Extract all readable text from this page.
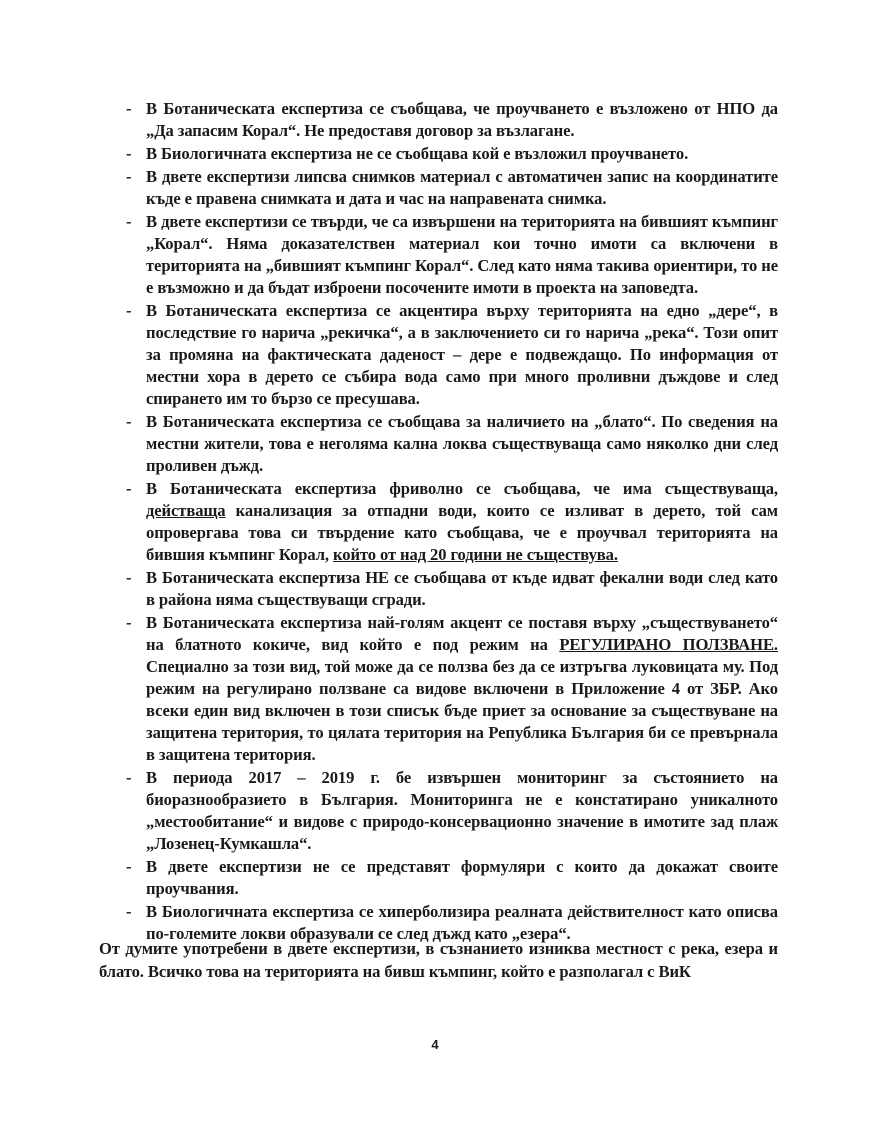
- В Ботаническата експертиза се съобщава, че проучването е възложено от НПО да „Да запасим Корал“. Не предоставя договор за възлагане.
- В Биологичната експертиза не се съобщава кой е възложил проучването.
- В двете експертизи липсва снимков материал с автоматичен запис на координатите къде е правена снимката и дата и час на направената снимка.
- В двете експертизи се твърди, че са извършени на територията на бившият къмпинг „Корал“. Няма доказателствен материал кои точно имоти са включени в територията на „бившият къмпинг Корал“. След като няма такива ориентири, то не е възможно и да бъдат изброени посочените имоти в проекта на заповедта.
- В Ботаническата експертиза се акцентира върху територията на едно „дере“, в последствие го нарича „рекичка“, а в заключението си го нарича „река“. Този опит за промяна на фактическата даденост – дере е подвеждащо. По информация от местни хора в дерето се събира вода само при много проливни дъждове и след спирането им то бързо се пресушава.
- В Ботаническата експертиза се съобщава за наличието на „блато“. По сведения на местни жители, това е неголяма кална локва съществуваща само няколко дни след проливен дъжд.
- В Ботаническата експертиза фриволно се съобщава, че има съществуваща, действаща канализация за отпадни води, които се изливат в дерето, той сам опровергава това си твърдение като съобщава, че е проучвал територията на бившия къмпинг Корал, който от над 20 години не съществува.
- В Ботаническата експертиза НЕ се съобщава от къде идват фекални води след като в района няма съществуващи сгради.
- В Ботаническата експертиза най-голям акцент се поставя върху „съществуването“ на блатното кокиче, вид който е под режим на РЕГУЛИРАНО ПОЛЗВАНЕ. Специално за този вид, той може да се ползва без да се изтръгва луковицата му. Под режим на регулирано ползване са видове включени в Приложение 4 от ЗБР. Ако всеки един вид включен в този списък бъде приет за основание за съществуване на защитена територия, то цялата територия на Република България би се превърнала в защитена територия.
- В периода 2017 – 2019 г. бе извършен мониторинг за състоянието на биоразнообразието в България. Мониторинга не е констатирано уникалното „местообитание“ и видове с природо-консервационно значение в имотите зад плаж „Лозенец-Кумкашла“.
- В двете експертизи не се представят формуляри с които да докажат своите проучвания.
- В Биологичната експертиза се хиперболизира реалната действителност като описва по-големите локви образували се след дъжд като „езера“.

От думите употребени в двете експертизи, в съзнанието изниква местност с река, езера и блато. Всичко това на територията на бивш къмпинг, който е разполагал с ВиК

4
